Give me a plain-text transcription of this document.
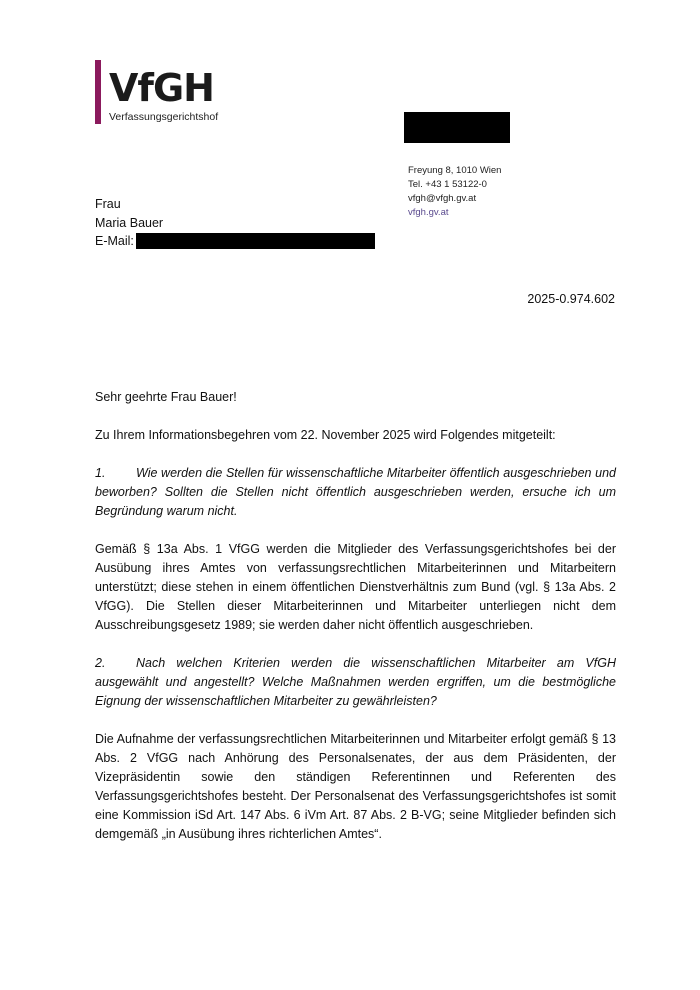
VfGH
Verfassungsgerichtshof
Freyung 8, 1010 Wien
Tel. +43 1 53122-0
vfgh@vfgh.gv.at
vfgh.gv.at
Frau
Maria Bauer
E-Mail:
2025-0.974.602

Sehr geehrte Frau Bauer!

Zu Ihrem Informationsbegehren vom 22. November 2025 wird Folgendes mitgeteilt:

1. Wie werden die Stellen für wissenschaftliche Mitarbeiter öffentlich ausgeschrieben und beworben? Sollten die Stellen nicht öffentlich ausgeschrieben werden, ersuche ich um Begründung warum nicht.

Gemäß § 13a Abs. 1 VfGG werden die Mitglieder des Verfassungsgerichtshofes bei der Ausübung ihres Amtes von verfassungsrechtlichen Mitarbeiterinnen und Mitarbeitern unterstützt; diese stehen in einem öffentlichen Dienstverhältnis zum Bund (vgl. § 13a Abs. 2 VfGG). Die Stellen dieser Mitarbeiterinnen und Mitarbeiter unterliegen nicht dem Ausschreibungsgesetz 1989; sie werden daher nicht öffentlich ausgeschrieben.

2. Nach welchen Kriterien werden die wissenschaftlichen Mitarbeiter am VfGH ausgewählt und angestellt? Welche Maßnahmen werden ergriffen, um die bestmögliche Eignung der wissenschaftlichen Mitarbeiter zu gewährleisten?

Die Aufnahme der verfassungsrechtlichen Mitarbeiterinnen und Mitarbeiter erfolgt gemäß § 13 Abs. 2 VfGG nach Anhörung des Personalsenates, der aus dem Präsidenten, der Vizepräsidentin sowie den ständigen Referentinnen und Referenten des Verfassungsgerichtshofes besteht. Der Personalsenat des Verfassungsgerichtshofes ist somit eine Kommission iSd Art. 147 Abs. 6 iVm Art. 87 Abs. 2 B-VG; seine Mitglieder befinden sich demgemäß „in Ausübung ihres richterlichen Amtes“.
